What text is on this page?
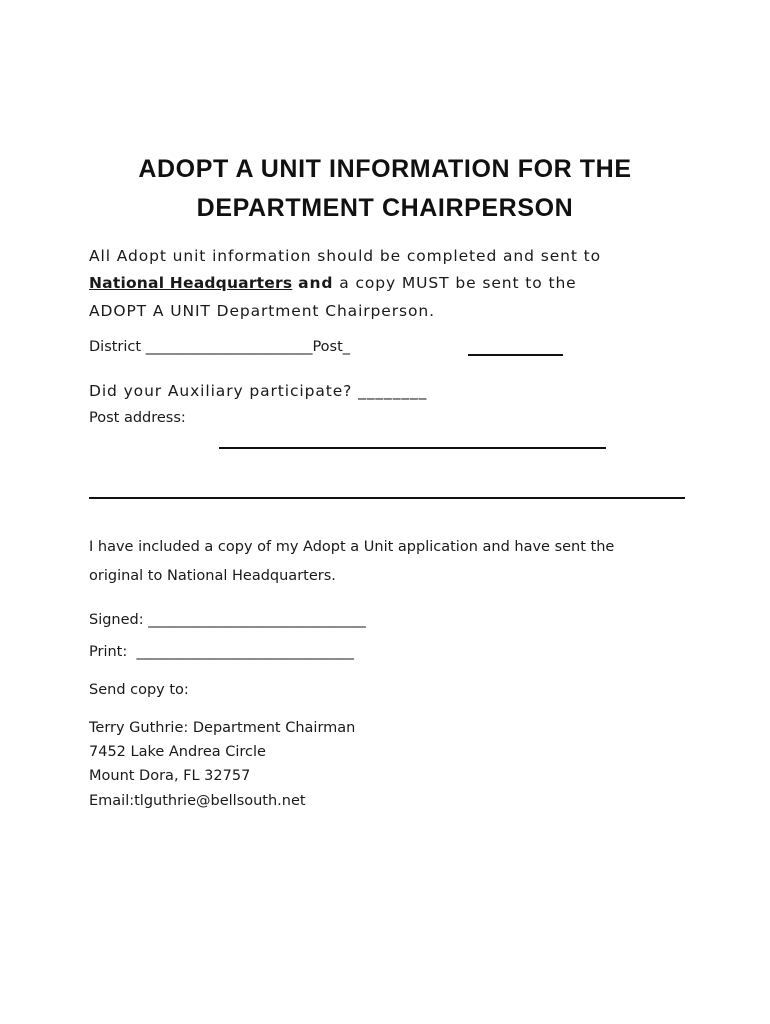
ADOPT A UNIT INFORMATION FOR THE
DEPARTMENT CHAIRPERSON
All Adopt unit information should be completed and sent to
National Headquarters and a copy MUST be sent to the
ADOPT A UNIT Department Chairperson.
District _______________________Post_
Did your Auxiliary participate? ________
Post address:
I have included a copy of my Adopt a Unit application and have sent the
original to National Headquarters.
Signed: ______________________________
Print: ______________________________
Send copy to:
Terry Guthrie: Department Chairman
7452 Lake Andrea Circle
Mount Dora, FL 32757
Email:tlguthrie@bellsouth.net
